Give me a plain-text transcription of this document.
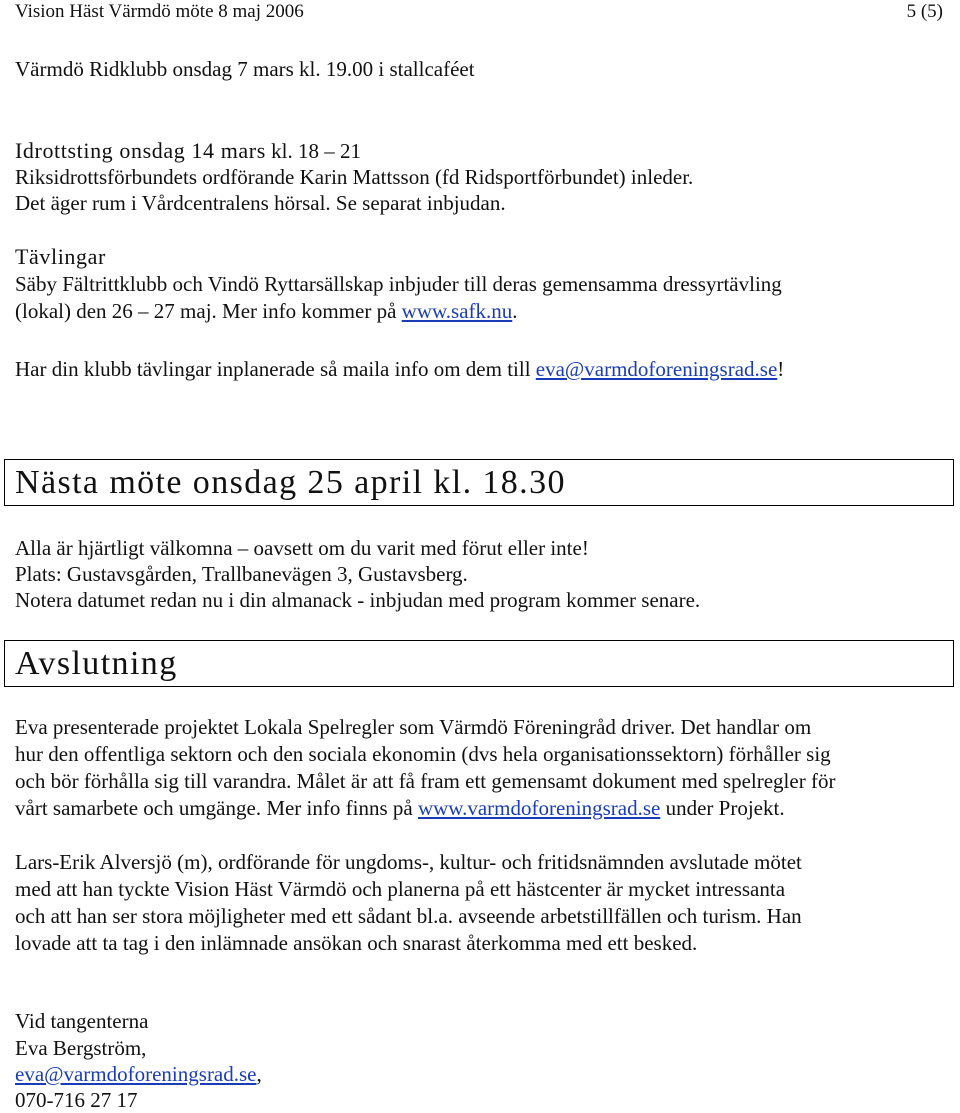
Vision Häst Värmdö möte 8 maj 2006	5 (5)
Värmdö Ridklubb onsdag 7 mars kl. 19.00 i stallcaféet
Idrottsting onsdag 14 mars kl. 18 – 21
Riksidrottsförbundets ordförande Karin Mattsson (fd Ridsportförbundet) inleder.
Det äger rum i Vårdcentralens hörsal. Se separat inbjudan.
Tävlingar
Säby Fältrittklubb och Vindö Ryttarsällskap inbjuder till deras gemensamma dressyrtävling
(lokal) den 26 – 27 maj. Mer info kommer på www.safk.nu.
Har din klubb tävlingar inplanerade så maila info om dem till eva@varmdoforeningsrad.se!
Nästa möte onsdag 25 april kl. 18.30
Alla är hjärtligt välkomna – oavsett om du varit med förut eller inte!
Plats: Gustavsgården, Trallbanevägen 3, Gustavsberg.
Notera datumet redan nu i din almanack - inbjudan med program kommer senare.
Avslutning
Eva presenterade projektet Lokala Spelregler som Värmdö Föreningråd driver. Det handlar om
hur den offentliga sektorn och den sociala ekonomin (dvs hela organisationssektorn) förhåller sig
och bör förhålla sig till varandra. Målet är att få fram ett gemensamt dokument med spelregler för
vårt samarbete och umgänge. Mer info finns på www.varmdoforeningsrad.se under Projekt.
Lars-Erik Alversjö (m), ordförande för ungdoms-, kultur- och fritidsnämnden avslutade mötet
med att han tyckte Vision Häst Värmdö och planerna på ett hästcenter är mycket intressanta
och att han ser stora möjligheter med ett sådant bl.a. avseende arbetstillfällen och turism. Han
lovade att ta tag i den inlämnade ansökan och snarast återkomma med ett besked.
Vid tangenterna
Eva Bergström,
eva@varmdoforeningsrad.se,
070-716 27 17
